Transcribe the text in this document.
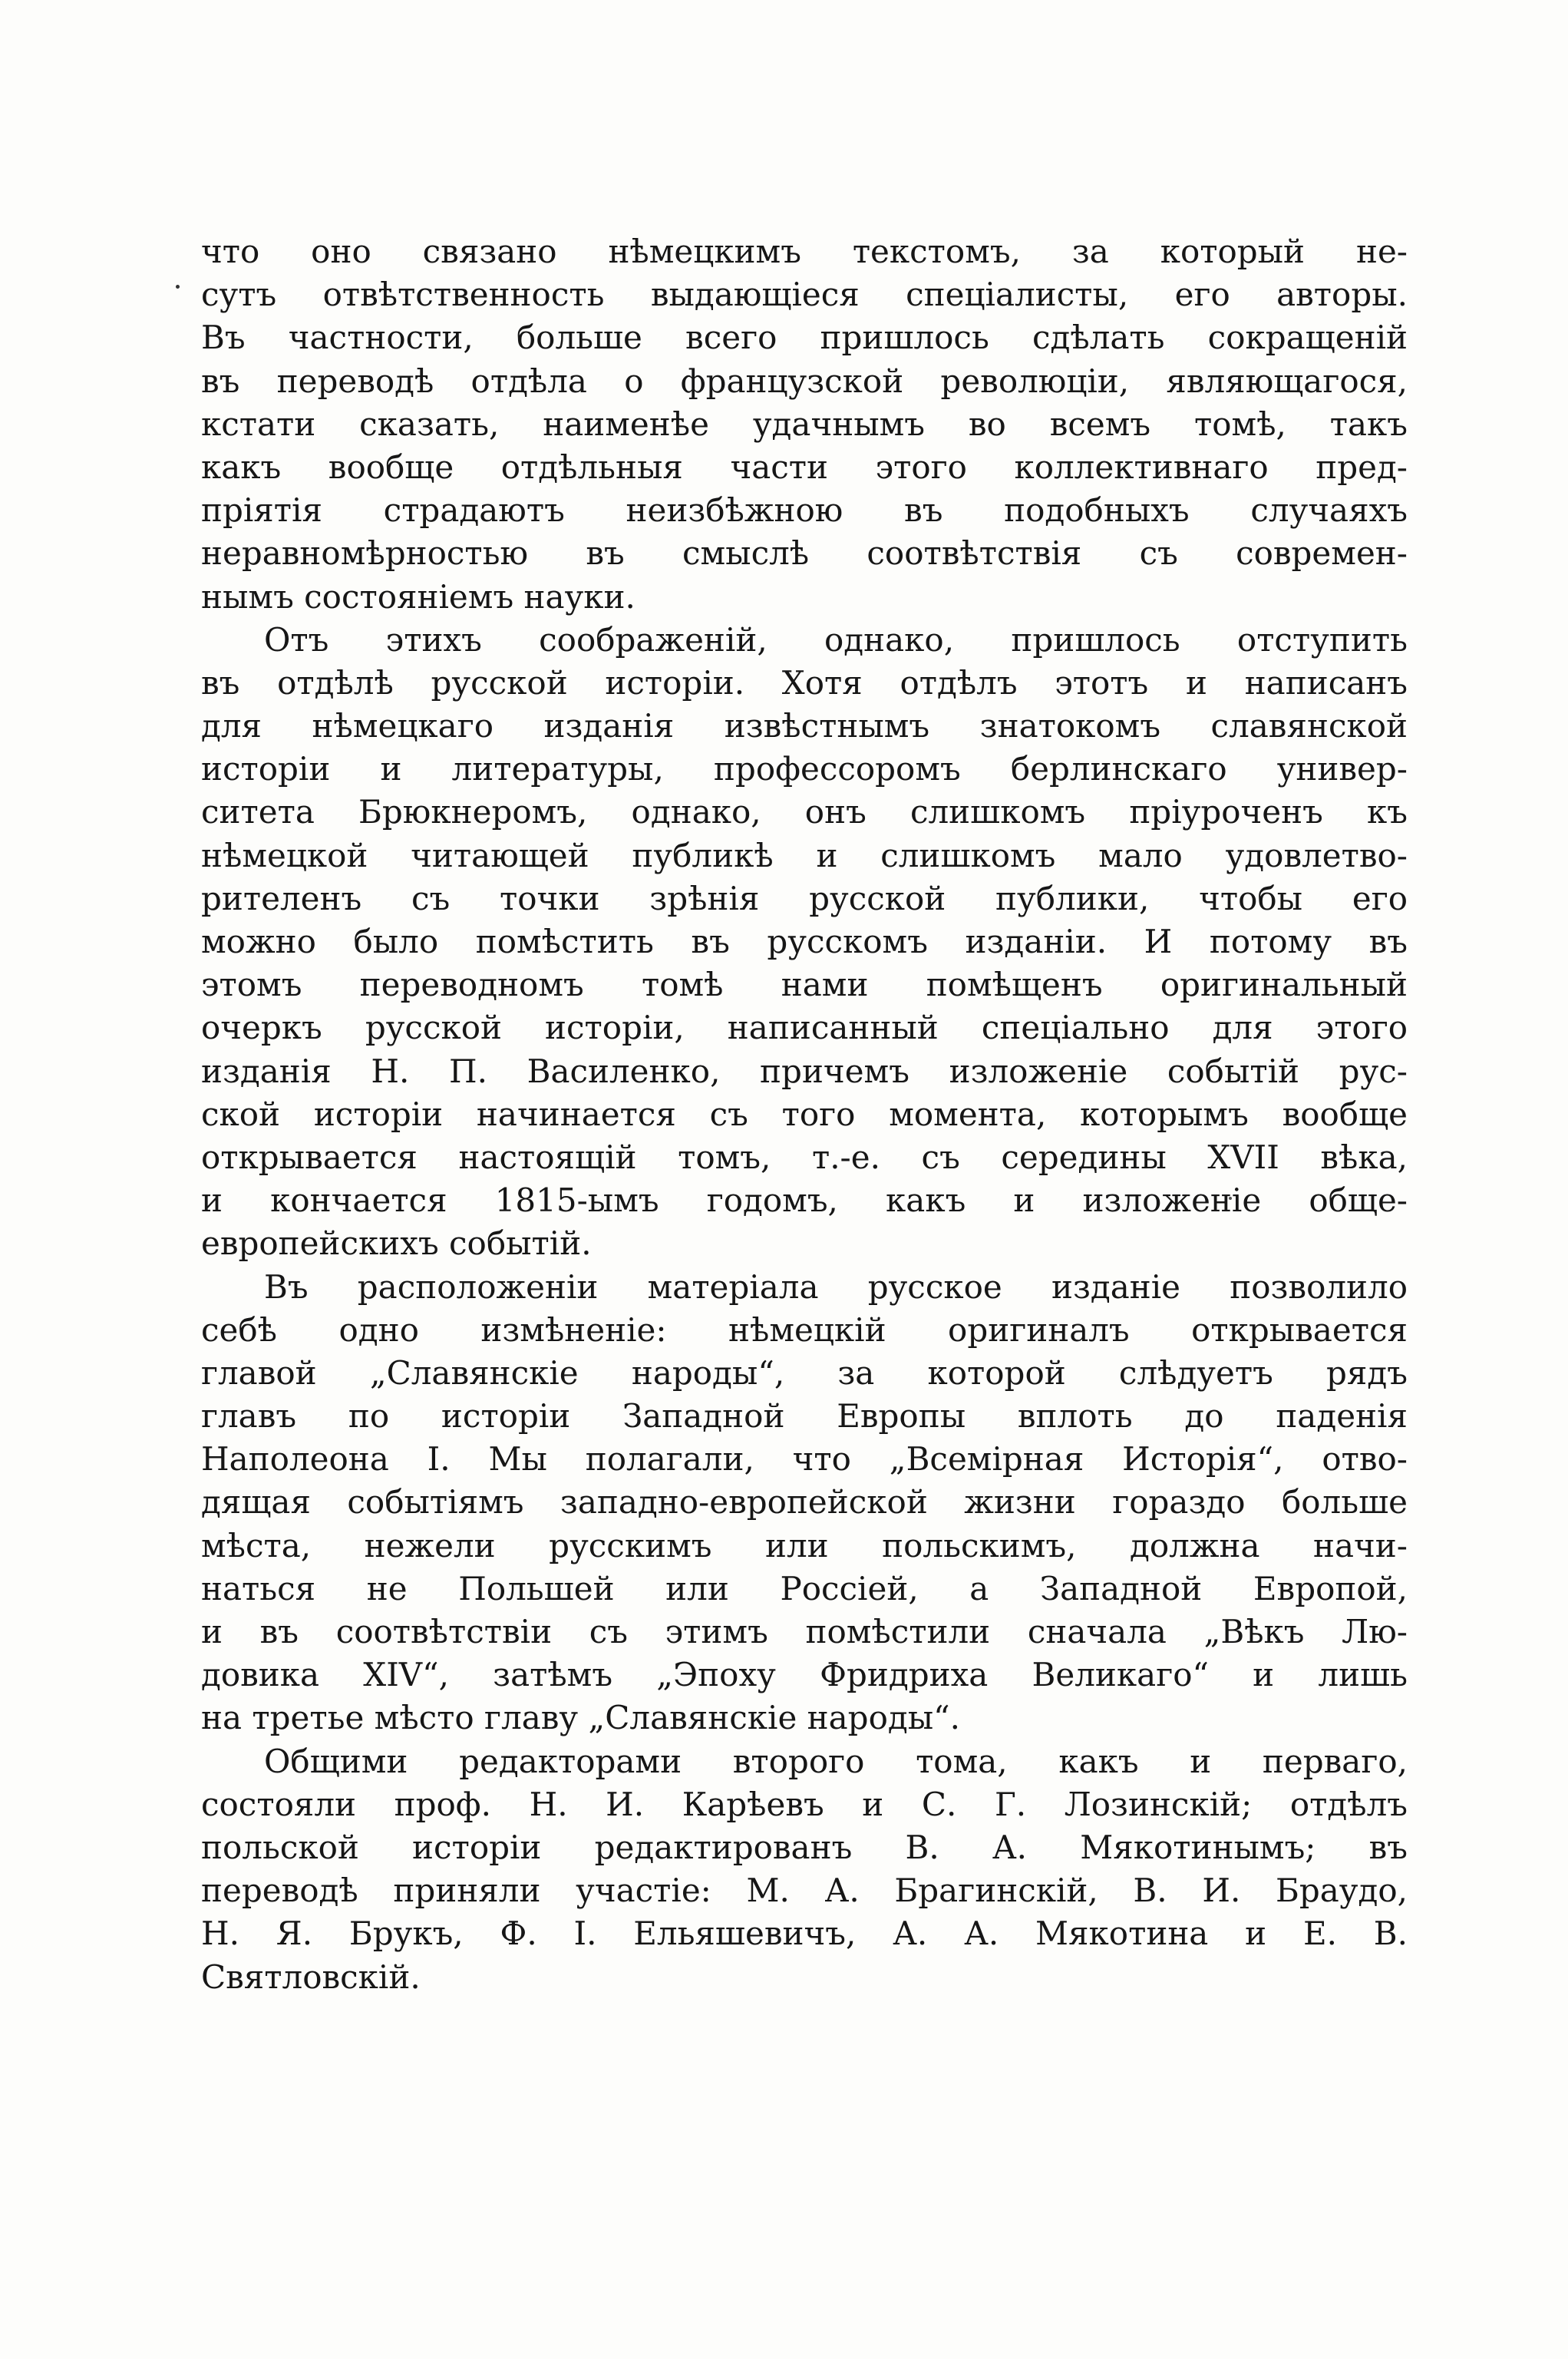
что оно связано нѣмецкимъ текстомъ, за который не-
сутъ отвѣтственность выдающіеся спеціалисты, его авторы.
Въ частности, больше всего пришлось сдѣлать сокращеній
въ переводѣ отдѣла о французской революціи, являющагося,
кстати сказать, наименѣе удачнымъ во всемъ томѣ, такъ
какъ вообще отдѣльныя части этого коллективнаго пред-
пріятія страдаютъ неизбѣжною въ подобныхъ случаяхъ
неравномѣрностью въ смыслѣ соотвѣтствія съ современ-
нымъ состояніемъ науки.
Отъ этихъ соображеній, однако, пришлось отступить
въ отдѣлѣ русской исторіи. Хотя отдѣлъ этотъ и написанъ
для нѣмецкаго изданія извѣстнымъ знатокомъ славянской
исторіи и литературы, профессоромъ берлинскаго универ-
ситета Брюкнеромъ, однако, онъ слишкомъ пріуроченъ къ
нѣмецкой читающей публикѣ и слишкомъ мало удовлетво-
рителенъ съ точки зрѣнія русской публики, чтобы его
можно было помѣстить въ русскомъ изданіи. И потому въ
этомъ переводномъ томѣ нами помѣщенъ оригинальный
очеркъ русской исторіи, написанный спеціально для этого
изданія Н. П. Василенко, причемъ изложеніе событій рус-
ской исторіи начинается съ того момента, которымъ вообще
открывается настоящій томъ, т.-е. съ середины XVII вѣка,
и кончается 1815-ымъ годомъ, какъ и изложеніе обще-
европейскихъ событій.
Въ расположеніи матеріала русское изданіе позволило
себѣ одно измѣненіе: нѣмецкій оригиналъ открывается
главой „Славянскіе народы“, за которой слѣдуетъ рядъ
главъ по исторіи Западной Европы вплоть до паденія
Наполеона I. Мы полагали, что „Всемірная Исторія“, отво-
дящая событіямъ западно-европейской жизни гораздо больше
мѣста, нежели русскимъ или польскимъ, должна начи-
наться не Польшей или Россіей, а Западной Европой,
и въ соотвѣтствіи съ этимъ помѣстили сначала „Вѣкъ Лю-
довика XIV“, затѣмъ „Эпоху Фридриха Великаго“ и лишь
на третье мѣсто главу „Славянскіе народы“.
Общими редакторами второго тома, какъ и перваго,
состояли проф. Н. И. Карѣевъ и С. Г. Лозинскій; отдѣлъ
польской исторіи редактированъ В. А. Мякотинымъ; въ
переводѣ приняли участіе: М. А. Брагинскій, В. И. Браудо,
Н. Я. Брукъ, Ф. І. Ельяшевичъ, А. А. Мякотина и Е. В.
Святловскій.
